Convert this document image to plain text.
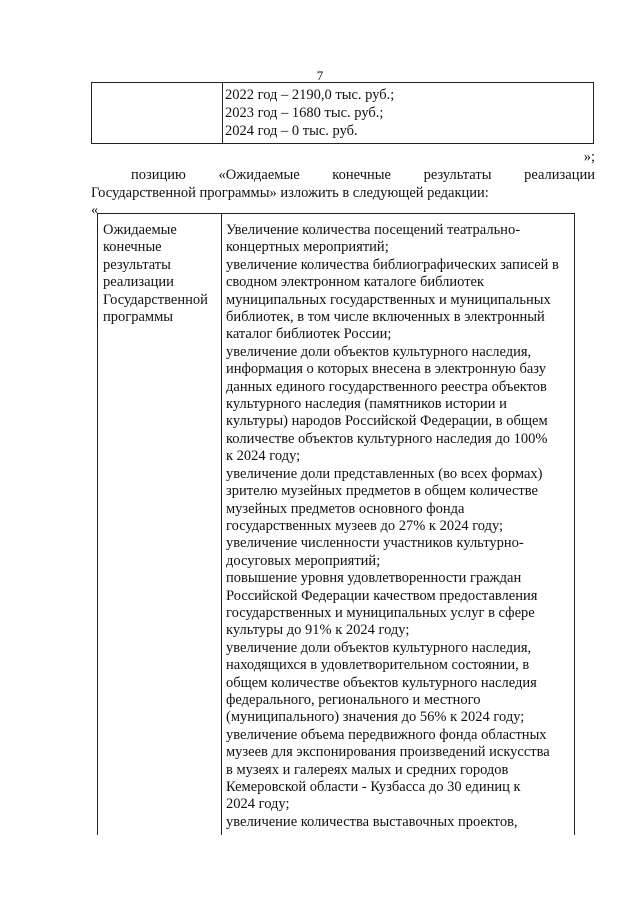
7
2022 год – 2190,0 тыс. руб.;
2023 год – 1680 тыс. руб.;
2024 год – 0 тыс. руб.
»;
позицию «Ожидаемые конечные результаты реализации
Государственной программы» изложить в следующей редакции:
«
Ожидаемые
конечные
результаты
реализации
Государственной
программы
Увеличение количества посещений театрально-
концертных мероприятий;
увеличение количества библиографических записей в
сводном электронном каталоге библиотек
муниципальных государственных и муниципальных
библиотек, в том числе включенных в электронный
каталог библиотек России;
увеличение доли объектов культурного наследия,
информация о которых внесена в электронную базу
данных единого государственного реестра объектов
культурного наследия (памятников истории и
культуры) народов Российской Федерации, в общем
количестве объектов культурного наследия до 100%
к 2024 году;
увеличение доли представленных (во всех формах)
зрителю музейных предметов в общем количестве
музейных предметов основного фонда
государственных музеев до 27% к 2024 году;
увеличение численности участников культурно-
досуговых мероприятий;
повышение уровня удовлетворенности граждан
Российской Федерации качеством предоставления
государственных и муниципальных услуг в сфере
культуры до 91% к 2024 году;
увеличение доли объектов культурного наследия,
находящихся в удовлетворительном состоянии, в
общем количестве объектов культурного наследия
федерального, регионального и местного
(муниципального) значения до 56% к 2024 году;
увеличение объема передвижного фонда областных
музеев для экспонирования произведений искусства
в музеях и галереях малых и средних городов
Кемеровской области - Кузбасса до 30 единиц к
2024 году;
увеличение количества выставочных проектов,
